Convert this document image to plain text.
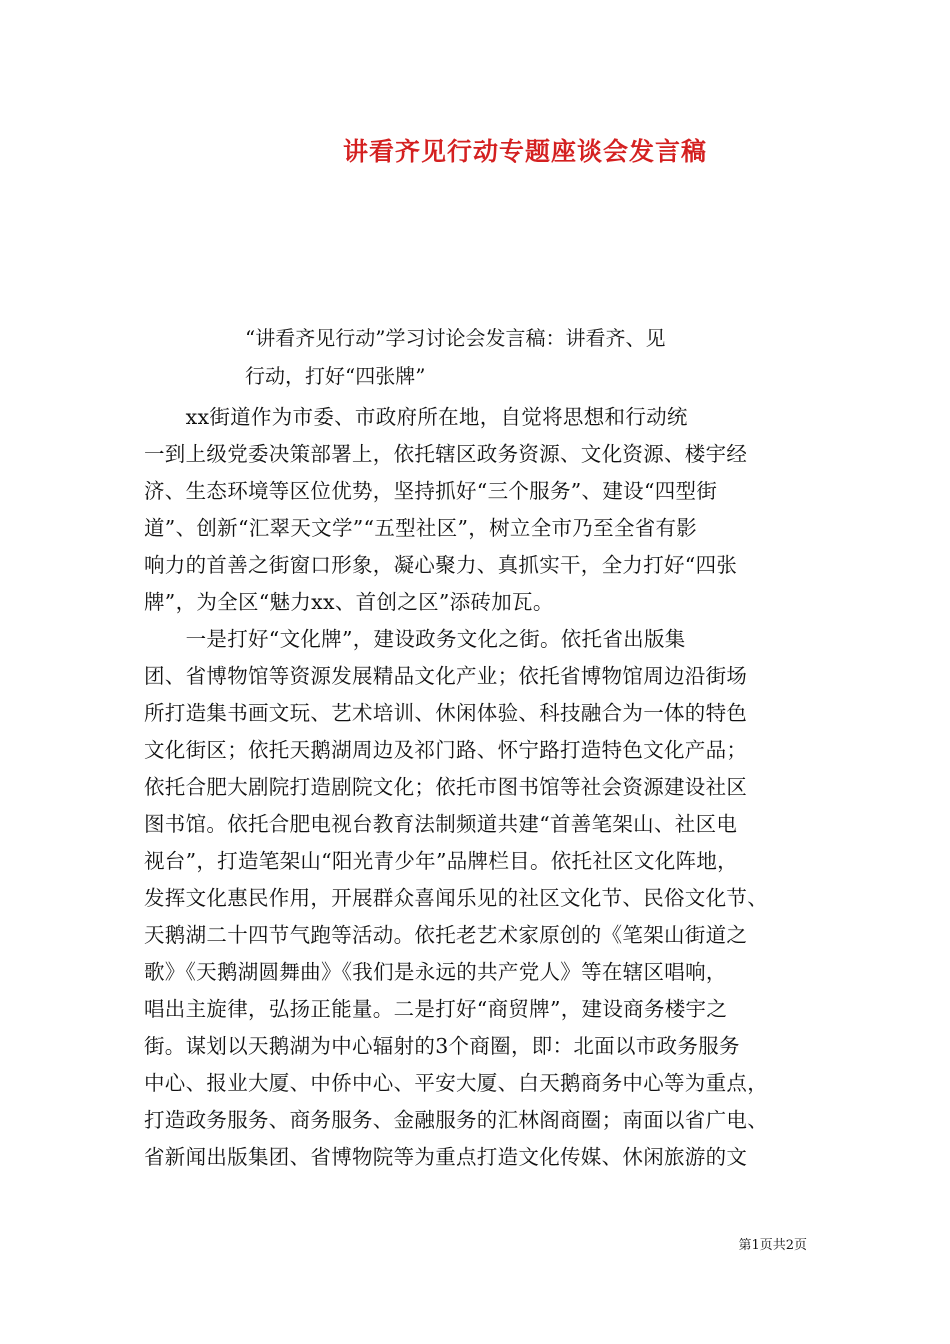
讲看齐见行动专题座谈会发言稿
“讲看齐见行动”学习讨论会发言稿：讲看齐、见
行动，打好“四张牌”
　　xx街道作为市委、市政府所在地，自觉将思想和行动统
一到上级党委决策部署上，依托辖区政务资源、文化资源、楼宇经
济、生态环境等区位优势，坚持抓好“三个服务”、建设“四型街
道”、创新“汇翠天文学”“五型社区”，树立全市乃至全省有影
响力的首善之街窗口形象，凝心聚力、真抓实干，全力打好“四张
牌”，为全区“魅力xx、首创之区”添砖加瓦。
　　一是打好“文化牌”，建设政务文化之街。依托省出版集
团、省博物馆等资源发展精品文化产业；依托省博物馆周边沿街场
所打造集书画文玩、艺术培训、休闲体验、科技融合为一体的特色
文化街区；依托天鹅湖周边及祁门路、怀宁路打造特色文化产品；
依托合肥大剧院打造剧院文化；依托市图书馆等社会资源建设社区
图书馆。依托合肥电视台教育法制频道共建“首善笔架山、社区电
视台”，打造笔架山“阳光青少年”品牌栏目。依托社区文化阵地，
发挥文化惠民作用，开展群众喜闻乐见的社区文化节、民俗文化节、
天鹅湖二十四节气跑等活动。依托老艺术家原创的《笔架山街道之
歌》《天鹅湖圆舞曲》《我们是永远的共产党人》等在辖区唱响，
唱出主旋律，弘扬正能量。二是打好“商贸牌”，建设商务楼宇之
街。谋划以天鹅湖为中心辐射的3个商圈，即：北面以市政务服务
中心、报业大厦、中侨中心、平安大厦、白天鹅商务中心等为重点，
打造政务服务、商务服务、金融服务的汇林阁商圈；南面以省广电、
省新闻出版集团、省博物院等为重点打造文化传媒、休闲旅游的文
第1页共2页
